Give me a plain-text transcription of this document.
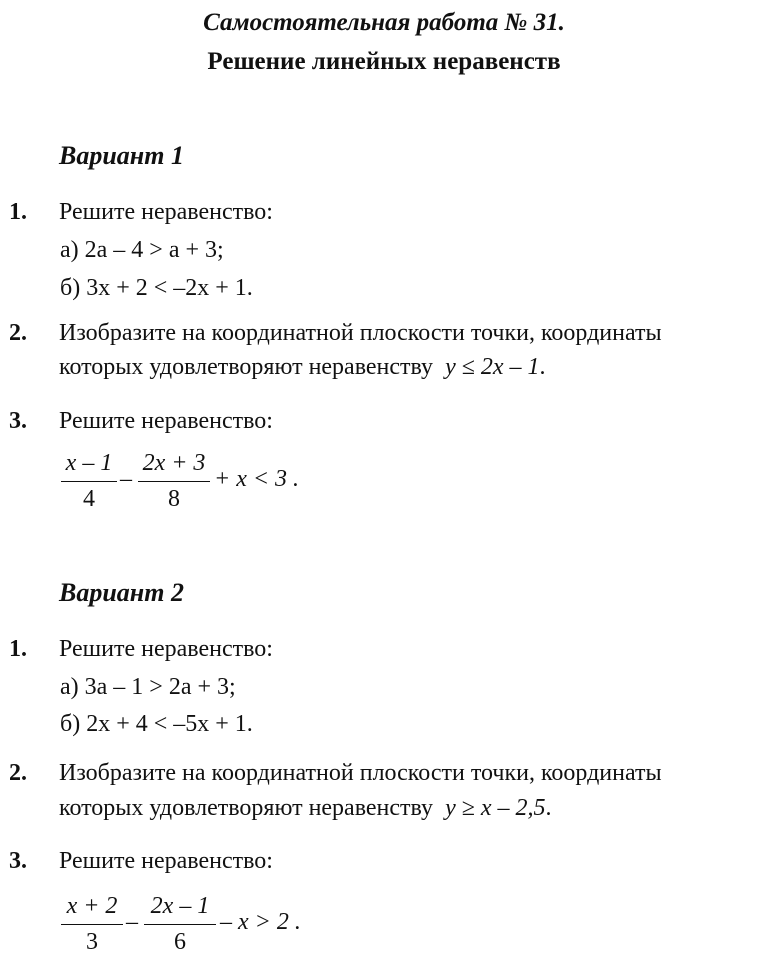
Самостоятельная работа № 31.
Решение линейных неравенств
Вариант 1
1. Решите неравенство:
а) 2a – 4 > a + 3;
б) 3x + 2 < –2x + 1.
2. Изобразите на координатной плоскости точки, координаты
которых удовлетворяют неравенству y ≤ 2x – 1.
3. Решите неравенство:
x – 1
4
–
2x + 3
8
+ x < 3 .
Вариант 2
1. Решите неравенство:
а) 3a – 1 > 2a + 3;
б) 2x + 4 < –5x + 1.
2. Изобразите на координатной плоскости точки, координаты
которых удовлетворяют неравенству y ≥ x – 2,5.
3. Решите неравенство:
x + 2
3
–
2x – 1
6
– x > 2 .
